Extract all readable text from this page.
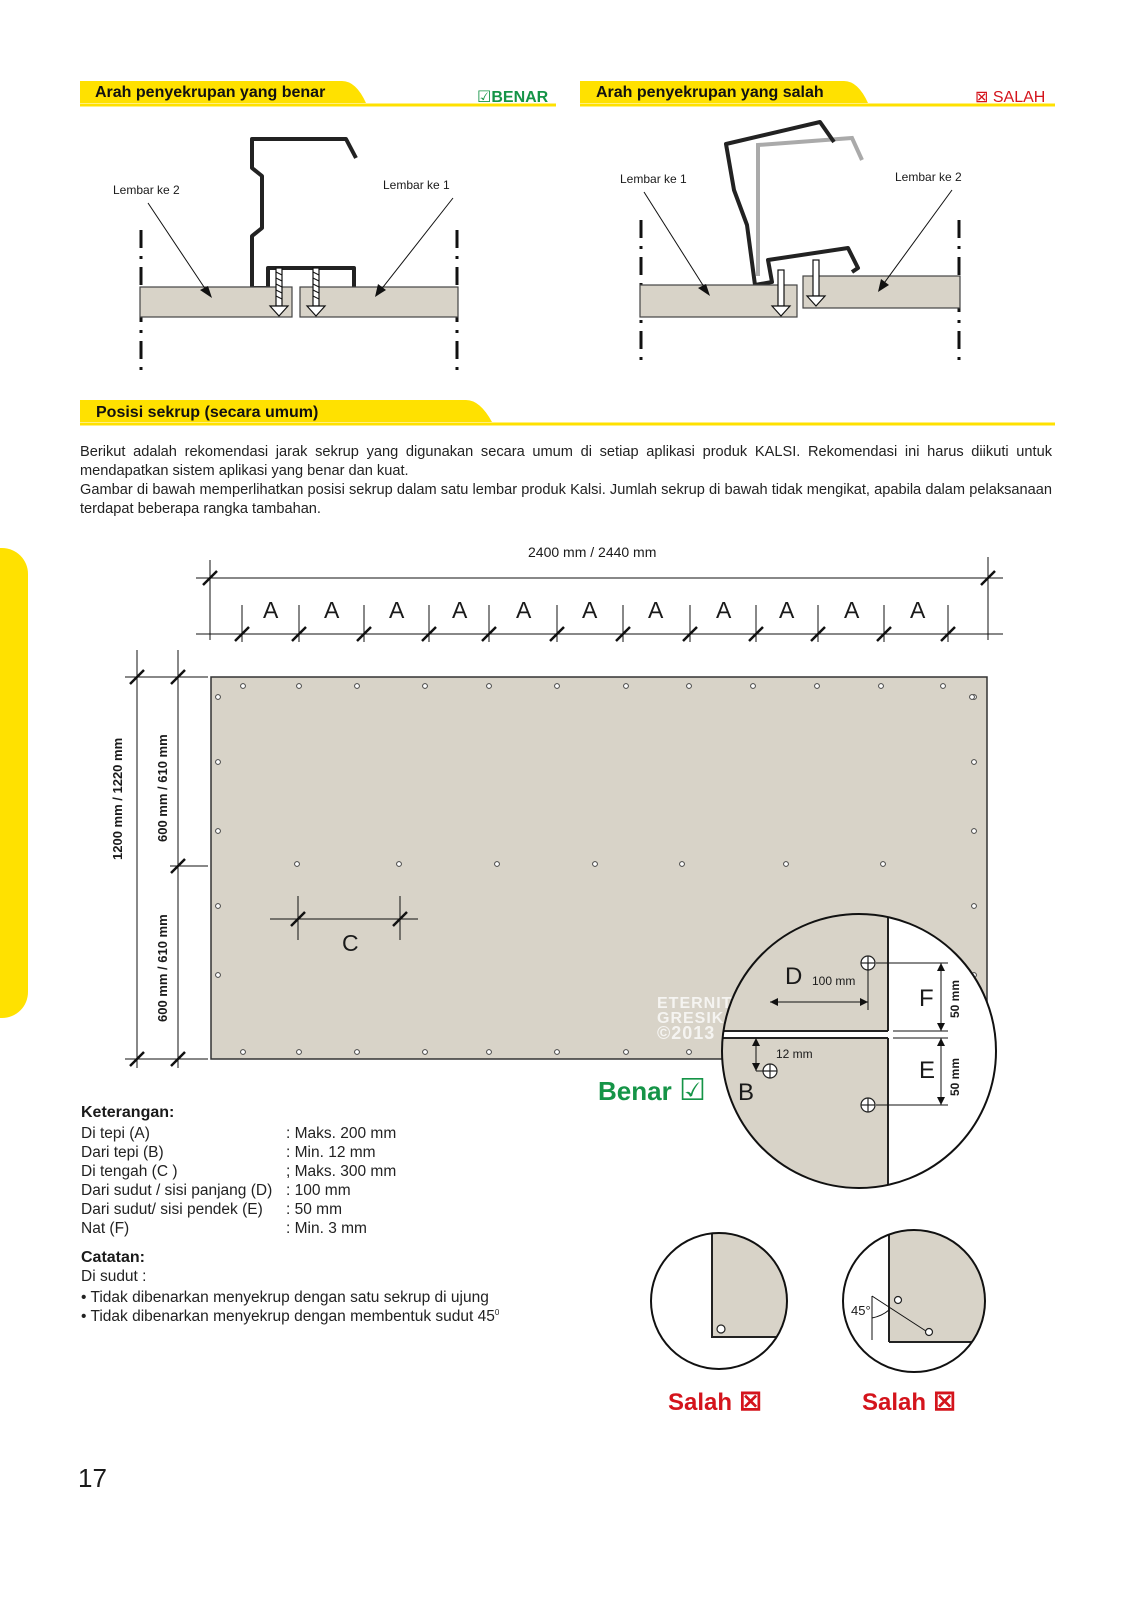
Arah penyekrupan yang benar	☑BENAR	Arah penyekrupan yang salah	⊠ SALAH
Lembar ke 2	Lembar ke 1	Lembar ke 1	Lembar ke 2
Posisi sekrup (secara umum)
Berikut adalah rekomendasi jarak sekrup yang digunakan secara umum di setiap aplikasi produk KALSI. Rekomendasi ini harus diikuti untuk mendapatkan sistem aplikasi yang benar dan kuat.
Gambar di bawah memperlihatkan posisi sekrup dalam satu lembar produk Kalsi. Jumlah sekrup di bawah tidak mengikat, apabila dalam pelaksanaan terdapat beberapa rangka tambahan.
2400 mm / 2440 mm
A A A A A A A A A A A
1200 mm / 1220 mm 600 mm / 610 mm
600 mm / 610 mm	C
D 100 mm
F 50 mm
E 50 mm
B
12 mm
ETERNIT
GRESIK
©2013
Benar ☑
Salah ⊠	Salah ⊠
45°
Keterangan:
Di tepi (A)	: Maks. 200 mm
Dari tepi (B)	: Min. 12 mm
Di tengah (C )	; Maks. 300 mm
Dari sudut / sisi panjang (D) : 100 mm
Dari sudut/ sisi pendek (E) : 50 mm
Nat (F)	: Min. 3 mm
Catatan:
Di sudut :
• Tidak dibenarkan menyekrup dengan satu sekrup di ujung
• Tidak dibenarkan menyekrup dengan membentuk sudut $45^0$
17
